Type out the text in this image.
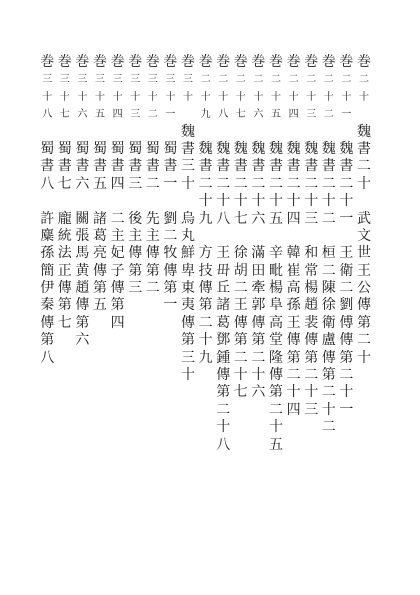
巻
二
十
魏
書
二
十
武
文
世
王
公
傳
第
二
十
巻
二
十
一
魏
書
二
十
一
王
衛
二
劉
傅
傳
第
二
十
一
巻
二
十
二
魏
書
二
十
二
桓
二
陳
徐
衛
盧
傳
第
二
十
二
巻
二
十
三
魏
書
二
十
三
和
常
楊
趙
裴
傳
第
二
十
三
巻
二
十
四
魏
書
二
十
四
韓
崔
高
孫
王
傳
第
二
十
四
巻
二
十
五
魏
書
二
十
五
辛
毗
楊
阜
高
堂
隆
傳
第
二
十
五
巻
二
十
六
魏
書
二
十
六
滿
田
牽
郭
傳
第
二
十
六
巻
二
十
七
魏
書
二
十
七
徐
胡
二
王
傳
第
二
十
七
巻
二
十
八
魏
書
二
十
八
王
毌
丘
諸
葛
鄧
鍾
傳
第
二
十
八
巻
二
十
九
魏
書
二
十
九
方
技
傳
第
二
十
九
巻
三
十
魏
書
三
十
烏
丸
鮮
卑
東
夷
傳
第
三
十
巻
三
十
一
蜀
書
一
劉
二
牧
傳
第
一
巻
三
十
二
蜀
書
二
先
主
傳
第
二
巻
三
十
三
蜀
書
三
後
主
傳
第
三
巻
三
十
四
蜀
書
四
二
主
妃
子
傳
第
四
巻
三
十
五
蜀
書
五
諸
葛
亮
傳
第
五
巻
三
十
六
蜀
書
六
關
張
馬
黄
趙
傳
第
六
巻
三
十
七
蜀
書
七
龐
統
法
正
傳
第
七
巻
三
十
八
蜀
書
八
許
麋
孫
簡
伊
秦
傳
第
八
